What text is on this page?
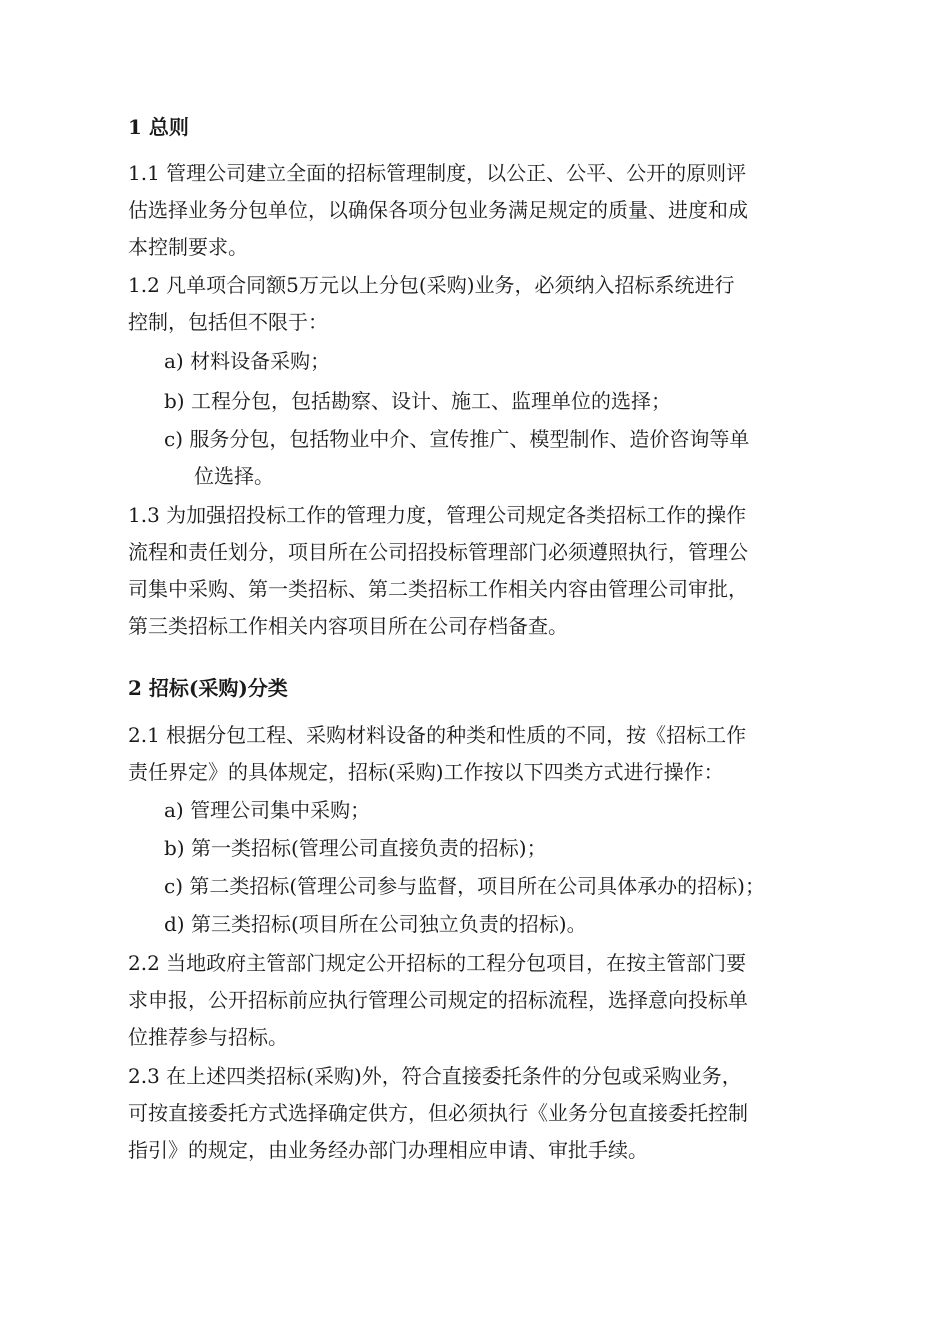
1 总则
1.1 管理公司建立全面的招标管理制度，以公正、公平、公开的原则评
估选择业务分包单位，以确保各项分包业务满足规定的质量、进度和成
本控制要求。
1.2 凡单项合同额5万元以上分包(采购)业务，必须纳入招标系统进行
控制，包括但不限于：
a) 材料设备采购；
b) 工程分包，包括勘察、设计、施工、监理单位的选择；
c) 服务分包，包括物业中介、宣传推广、模型制作、造价咨询等单
位选择。
1.3 为加强招投标工作的管理力度，管理公司规定各类招标工作的操作
流程和责任划分，项目所在公司招投标管理部门必须遵照执行，管理公
司集中采购、第一类招标、第二类招标工作相关内容由管理公司审批，
第三类招标工作相关内容项目所在公司存档备查。
2 招标(采购)分类
2.1 根据分包工程、采购材料设备的种类和性质的不同，按《招标工作
责任界定》的具体规定，招标(采购)工作按以下四类方式进行操作：
a) 管理公司集中采购；
b) 第一类招标(管理公司直接负责的招标)；
c) 第二类招标(管理公司参与监督，项目所在公司具体承办的招标)；
d) 第三类招标(项目所在公司独立负责的招标)。
2.2 当地政府主管部门规定公开招标的工程分包项目，在按主管部门要
求申报，公开招标前应执行管理公司规定的招标流程，选择意向投标单
位推荐参与招标。
2.3 在上述四类招标(采购)外，符合直接委托条件的分包或采购业务，
可按直接委托方式选择确定供方，但必须执行《业务分包直接委托控制
指引》的规定，由业务经办部门办理相应申请、审批手续。
